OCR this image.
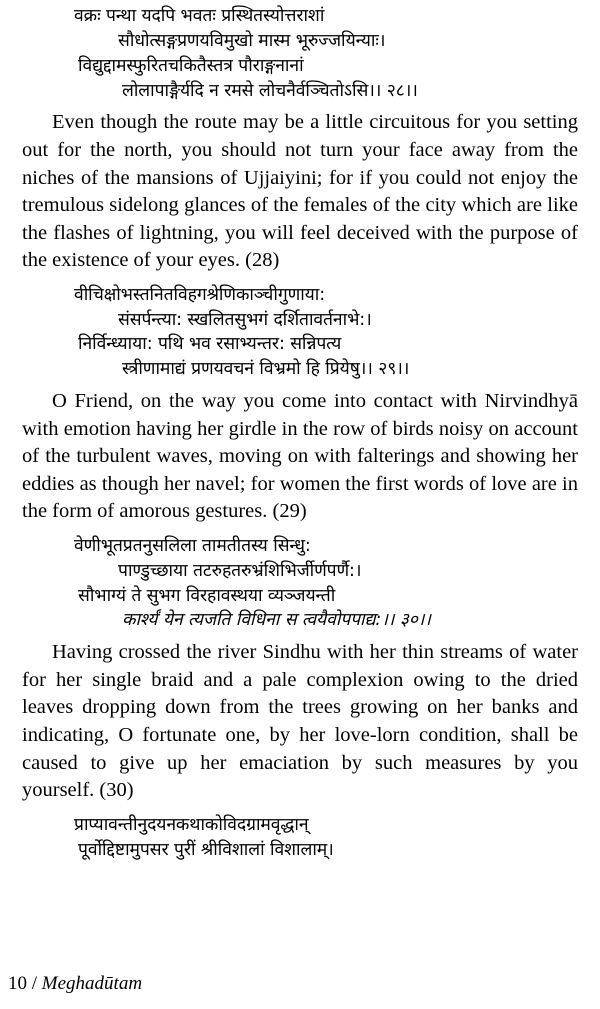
वक्रः पन्था यदपि भवतः प्रस्थितस्योत्तराशां
सौधोत्सङ्गप्रणयविमुखो मास्म भूरुज्जयिन्याः।
विद्युद्दामस्फुरितचकितैस्तत्र पौराङ्गनानां
लोलापाङ्गैर्यदि न रमसे लोचनैर्वञ्चितोऽसि।। २८।।

Even though the route may be a little circuitous for you setting out for the north, you should not turn your face away from the niches of the mansions of Ujjaiyini; for if you could not enjoy the tremulous sidelong glances of the females of the city which are like the flashes of lightning, you will feel deceived with the purpose of the existence of your eyes. (28)

वीचिक्षोभस्तनितविहगश्रेणिकाञ्चीगुणाया:
संसर्पन्त्या: स्खलितसुभगं दर्शितावर्तनाभे:।
निर्विन्ध्याया: पथि भव रसाभ्यन्तर: सन्निपत्य
स्त्रीणामाद्यं प्रणयवचनं विभ्रमो हि प्रियेषु।। २९।।

O Friend, on the way you come into contact with Nirvindhyā with emotion having her girdle in the row of birds noisy on account of the turbulent waves, moving on with falterings and showing her eddies as though her navel; for women the first words of love are in the form of amorous gestures. (29)

वेणीभूतप्रतनुसलिला तामतीतस्य सिन्धु:
पाण्डुच्छाया तटरुहतरुभ्रंशिभिर्जीर्णपर्णै:।
सौभाग्यं ते सुभग विरहावस्थया व्यञ्जयन्ती
कार्श्यं येन त्यजति विधिना स त्वयैवोपपाद्य:।। ३०।।

Having crossed the river Sindhu with her thin streams of water for her single braid and a pale complexion owing to the dried leaves dropping down from the trees growing on her banks and indicating, O fortunate one, by her love-lorn condition, shall be caused to give up her emaciation by such measures by you yourself. (30)

प्राप्यावन्तीनुदयनकथाकोविदग्रामवृद्धान्
पूर्वोद्दिष्टामुपसर पुरीं श्रीविशालां विशालाम्।
10 / Meghadūtam
